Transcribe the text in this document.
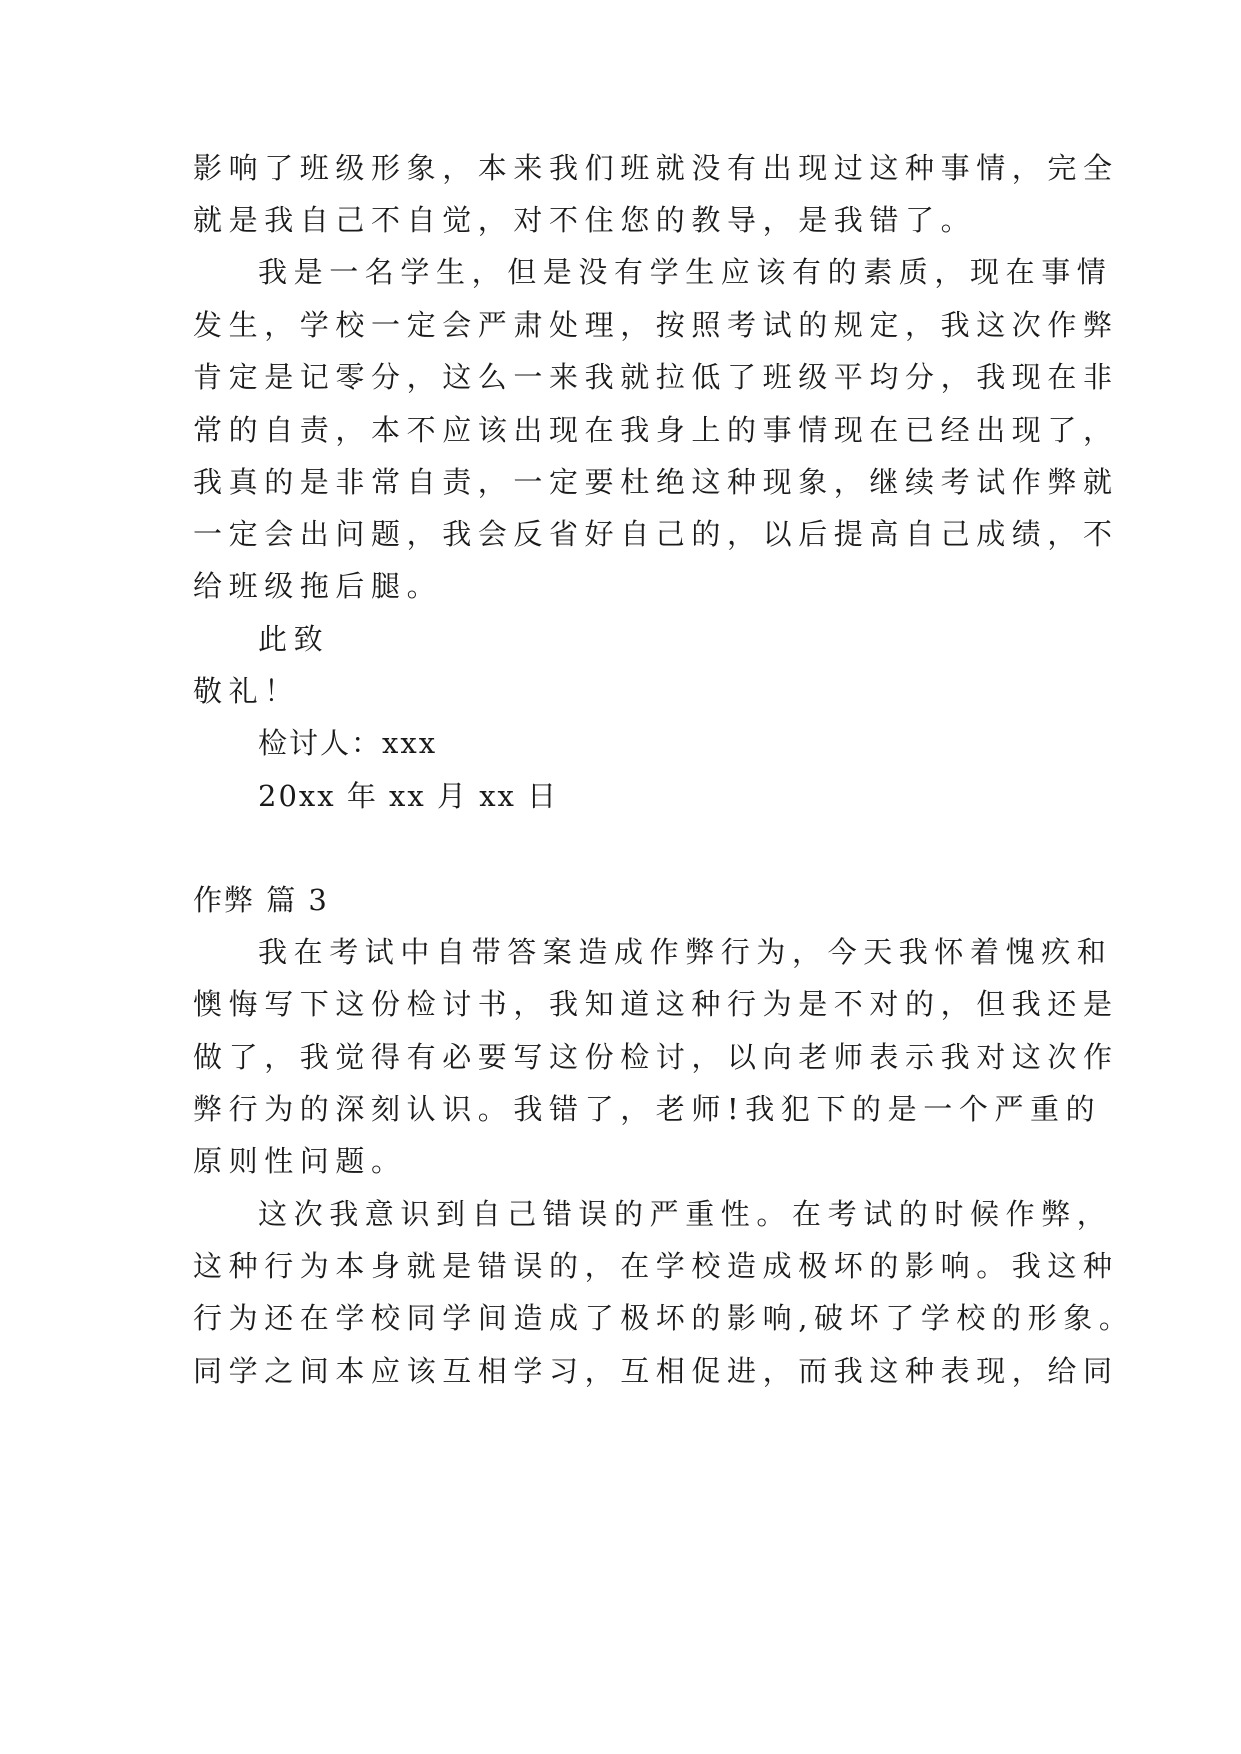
影响了班级形象，本来我们班就没有出现过这种事情，完全
就是我自己不自觉，对不住您的教导，是我错了。
我是一名学生，但是没有学生应该有的素质，现在事情
发生，学校一定会严肃处理，按照考试的规定，我这次作弊
肯定是记零分，这么一来我就拉低了班级平均分，我现在非
常的自责，本不应该出现在我身上的事情现在已经出现了，
我真的是非常自责，一定要杜绝这种现象，继续考试作弊就
一定会出问题，我会反省好自己的，以后提高自己成绩，不
给班级拖后腿。
此致
敬礼！
检讨人：xxx
20xx 年 xx 月 xx 日
作弊 篇 3
我在考试中自带答案造成作弊行为，今天我怀着愧疚和
懊悔写下这份检讨书，我知道这种行为是不对的，但我还是
做了，我觉得有必要写这份检讨，以向老师表示我对这次作
弊行为的深刻认识。我错了，老师!我犯下的是一个严重的
原则性问题。
这次我意识到自己错误的严重性。在考试的时候作弊，
这种行为本身就是错误的，在学校造成极坏的影响。我这种
行为还在学校同学间造成了极坏的影响,破坏了学校的形象。
同学之间本应该互相学习，互相促进，而我这种表现，给同
